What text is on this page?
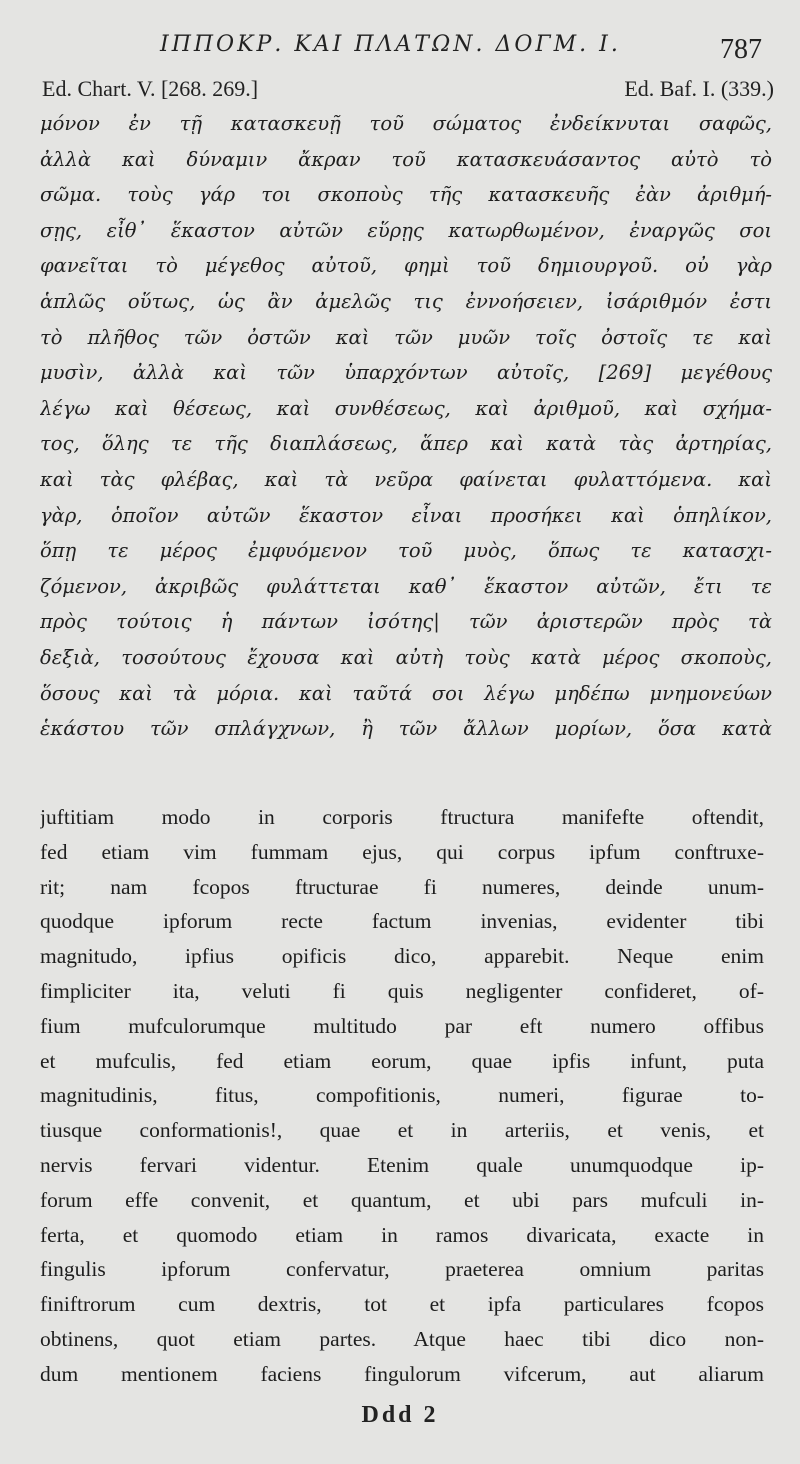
ΙΠΠΟΚΡ. ΚΑΙ ΠΛΑΤΩΝ. ΔΟΓΜ. Ι.	787
Ed. Chart. V. [268. 269.]	Ed. Baf. I. (339.)
μόνον ἐν τῇ κατασκευῇ τοῦ σώματος ἐνδείκνυται σαφῶς,
ἀλλὰ καὶ δύναμιν ἄκραν τοῦ κατασκευάσαντος αὐτὸ τὸ
σῶμα. τοὺς γάρ τοι σκοποὺς τῆς κατασκευῆς ἐὰν ἀριθμή-
σῃς, εἶθ᾽ ἕκαστον αὐτῶν εὕρῃς κατωρθωμένον, ἐναργῶς σοι
φανεῖται τὸ μέγεθος αὐτοῦ, φημὶ τοῦ δημιουργοῦ. οὐ γὰρ
ἁπλῶς οὕτως, ὡς ἂν ἀμελῶς τις ἐννοήσειεν, ἰσάριθμόν ἐστι
τὸ πλῆθος τῶν ὀστῶν καὶ τῶν μυῶν τοῖς ὀστοῖς τε καὶ
μυσὶν, ἀλλὰ καὶ τῶν ὑπαρχόντων αὐτοῖς, [269] μεγέθους
λέγω καὶ θέσεως, καὶ συνθέσεως, καὶ ἀριθμοῦ, καὶ σχήμα-
τος, ὅλης τε τῆς διαπλάσεως, ἅπερ καὶ κατὰ τὰς ἀρτηρίας,
καὶ τὰς φλέβας, καὶ τὰ νεῦρα φαίνεται φυλαττόμενα. καὶ
γὰρ, ὁποῖον αὐτῶν ἕκαστον εἶναι προσήκει καὶ ὁπηλίκον,
ὅπῃ τε μέρος ἐμφυόμενον τοῦ μυὸς, ὅπως τε κατασχι-
ζόμενον, ἀκριβῶς φυλάττεται καθ᾽ ἕκαστον αὐτῶν, ἔτι τε
πρὸς τούτοις ἡ πάντων ἰσότης| τῶν ἀριστερῶν πρὸς τὰ
δεξιὰ, τοσούτους ἔχουσα καὶ αὐτὴ τοὺς κατὰ μέρος σκοποὺς,
ὅσους καὶ τὰ μόρια. καὶ ταῦτά σοι λέγω μηδέπω μνημονεύων
ἑκάστου τῶν σπλάγχνων, ἢ τῶν ἄλλων μορίων, ὅσα κατὰ
juftitiam modo in corporis ftructura manifefte oftendit,
fed etiam vim fummam ejus, qui corpus ipfum conftruxe-
rit; nam fcopos ftructurae fi numeres, deinde unum-
quodque ipforum recte factum invenias, evidenter tibi
magnitudo, ipfius opificis dico, apparebit. Neque enim
fimpliciter ita, veluti fi quis negligenter confideret, of-
fium mufculorumque multitudo par eft numero offibus
et mufculis, fed etiam eorum, quae ipfis infunt, puta
magnitudinis, fitus, compofitionis, numeri, figurae to-
tiusque conformationis!, quae et in arteriis, et venis, et
nervis fervari videntur. Etenim quale unumquodque ip-
forum effe convenit, et quantum, et ubi pars mufculi in-
ferta, et quomodo etiam in ramos divaricata, exacte in
fingulis ipforum confervatur, praeterea omnium paritas
finiftrorum cum dextris, tot et ipfa particulares fcopos
obtinens, quot etiam partes. Atque haec tibi dico non-
dum mentionem faciens fingulorum vifcerum, aut aliarum
Ddd 2
